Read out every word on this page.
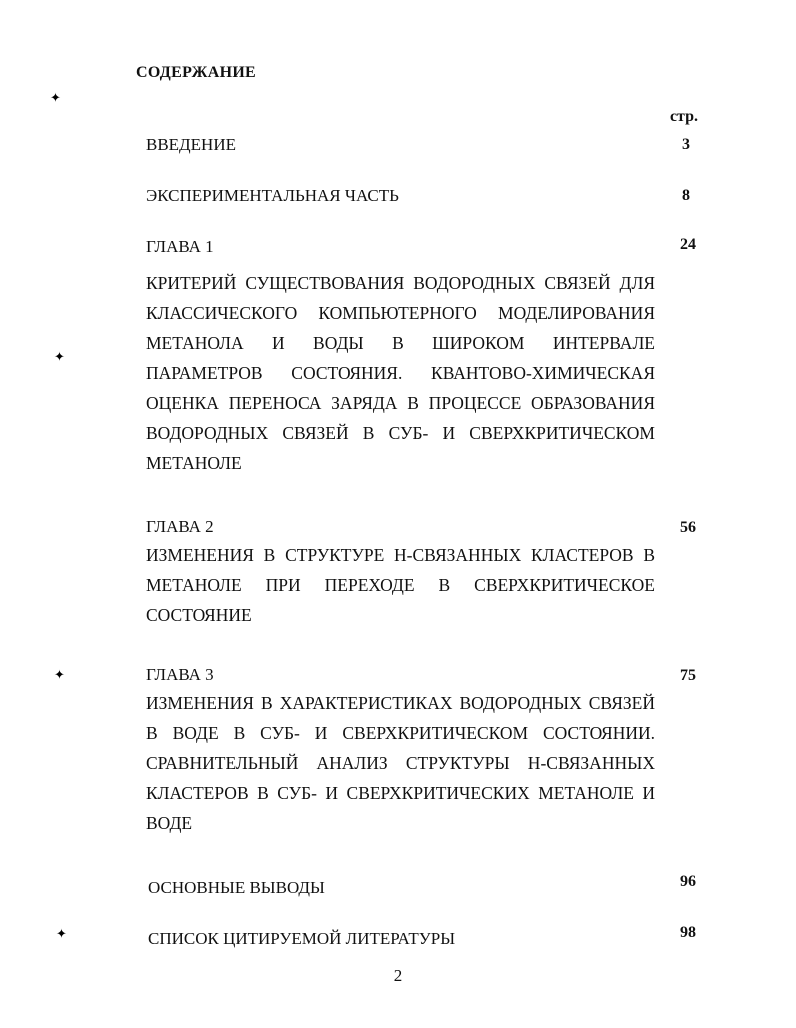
✦
✦
✦
✦
СОДЕРЖАНИЕ
стр.
ВВЕДЕНИЕ	3
ЭКСПЕРИМЕНТАЛЬНАЯ ЧАСТЬ	8
ГЛАВА 1	24
КРИТЕРИЙ СУЩЕСТВОВАНИЯ ВОДОРОДНЫХ СВЯЗЕЙ ДЛЯ КЛАССИЧЕСКОГО КОМПЬЮТЕРНОГО МОДЕЛИРОВАНИЯ МЕТАНОЛА И ВОДЫ В ШИРОКОМ ИНТЕРВАЛЕ ПАРАМЕТРОВ СОСТОЯНИЯ. КВАНТОВО-ХИМИЧЕСКАЯ ОЦЕНКА ПЕРЕНОСА ЗАРЯДА В ПРОЦЕССЕ ОБРАЗОВАНИЯ ВОДОРОДНЫХ СВЯЗЕЙ В СУБ- И СВЕРХКРИТИЧЕСКОМ МЕТАНОЛЕ
ГЛАВА 2	56
ИЗМЕНЕНИЯ В СТРУКТУРЕ Н-СВЯЗАННЫХ КЛАСТЕРОВ В МЕТАНОЛЕ ПРИ ПЕРЕХОДЕ В СВЕРХКРИТИЧЕСКОЕ СОСТОЯНИЕ
ГЛАВА 3	75
ИЗМЕНЕНИЯ В ХАРАКТЕРИСТИКАХ ВОДОРОДНЫХ СВЯЗЕЙ В ВОДЕ В СУБ- И СВЕРХКРИТИЧЕСКОМ СОСТОЯНИИ. СРАВНИТЕЛЬНЫЙ АНАЛИЗ СТРУКТУРЫ Н-СВЯЗАННЫХ КЛАСТЕРОВ В СУБ- И СВЕРХКРИТИЧЕСКИХ МЕТАНОЛЕ И ВОДЕ
ОСНОВНЫЕ ВЫВОДЫ	96
СПИСОК ЦИТИРУЕМОЙ ЛИТЕРАТУРЫ	98
2
